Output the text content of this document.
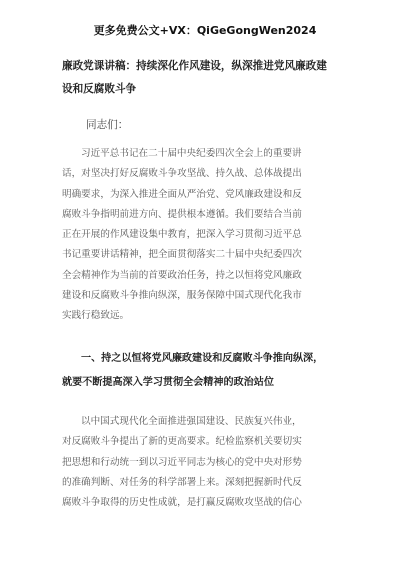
更多免费公文+VX：QiGeGongWen2024
廉政党课讲稿：持续深化作风建设，纵深推进党风廉政建
设和反腐败斗争
同志们：
习近平总书记在二十届中央纪委四次全会上的重要讲
话，对坚决打好反腐败斗争攻坚战、持久战、总体战提出
明确要求，为深入推进全面从严治党、党风廉政建设和反
腐败斗争指明前进方向、提供根本遵循。我们要结合当前
正在开展的作风建设集中教育，把深入学习贯彻习近平总
书记重要讲话精神，把全面贯彻落实二十届中央纪委四次
全会精神作为当前的首要政治任务，持之以恒将党风廉政
建设和反腐败斗争推向纵深，服务保障中国式现代化我市
实践行稳致远。
一、持之以恒将党风廉政建设和反腐败斗争推向纵深，
就要不断提高深入学习贯彻全会精神的政治站位
以中国式现代化全面推进强国建设、民族复兴伟业，
对反腐败斗争提出了新的更高要求。纪检监察机关要切实
把思想和行动统一到以习近平同志为核心的党中央对形势
的准确判断、对任务的科学部署上来。深刻把握新时代反
腐败斗争取得的历史性成就，是打赢反腐败攻坚战的信心
